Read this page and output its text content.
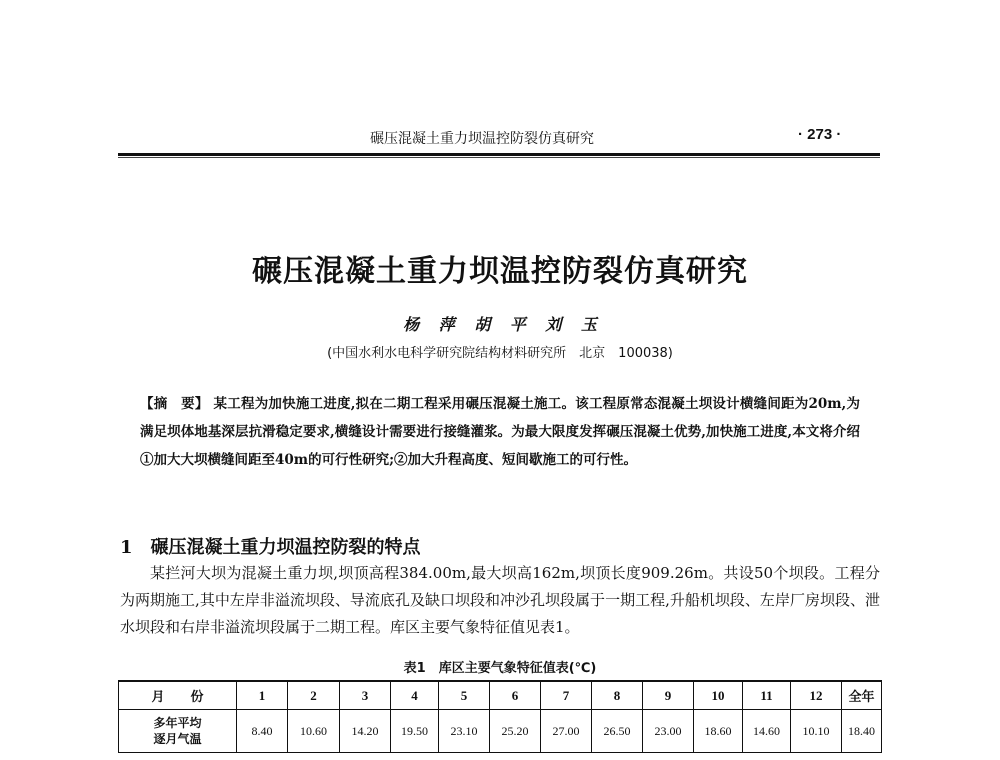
碾压混凝土重力坝温控防裂仿真研究	· 273 ·
碾压混凝土重力坝温控防裂仿真研究
杨 萍 胡 平 刘 玉
(中国水利水电科学研究院结构材料研究所　北京　100038)
【摘　要】 某工程为加快施工进度,拟在二期工程采用碾压混凝土施工。该工程原常态混凝土坝设计横缝间距为20m,为满足坝体地基深层抗滑稳定要求,横缝设计需要进行接缝灌浆。为最大限度发挥碾压混凝土优势,加快施工进度,本文将介绍①加大大坝横缝间距至40m的可行性研究;②加大升程高度、短间歇施工的可行性。
1　碾压混凝土重力坝温控防裂的特点
某拦河大坝为混凝土重力坝,坝顶高程384.00m,最大坝高162m,坝顶长度909.26m。共设50个坝段。工程分为两期施工,其中左岸非溢流坝段、导流底孔及缺口坝段和冲沙孔坝段属于一期工程,升船机坝段、左岸厂房坝段、泄水坝段和右岸非溢流坝段属于二期工程。库区主要气象特征值见表1。
表1　库区主要气象特征值表(℃)
月　　份	1	2	3	4	5	6	7	8	9	10	11	12	全年
多年平均
逐月气温	8.40	10.60	14.20	19.50	23.10	25.20	27.00	26.50	23.00	18.60	14.60	10.10	18.40
